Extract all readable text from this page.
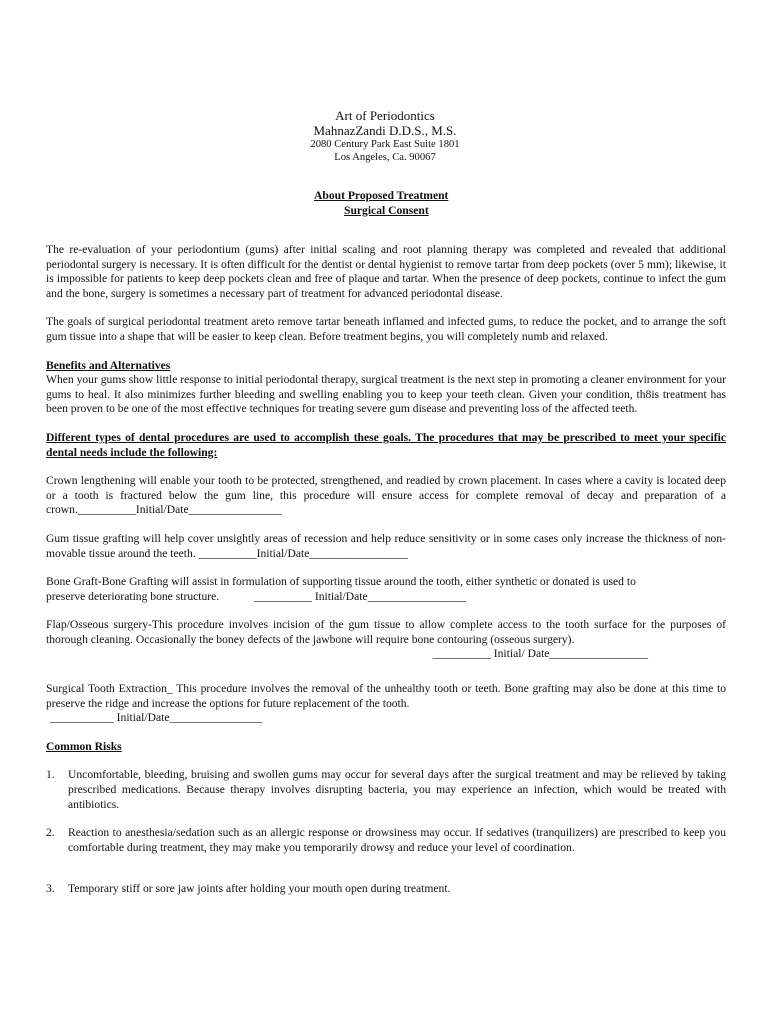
Art of Periodontics
MahnazZandi D.D.S., M.S.
2080 Century Park East Suite 1801
Los Angeles, Ca. 90067
About Proposed Treatment
Surgical Consent

The re-evaluation of your periodontium (gums) after initial scaling and root planning therapy was completed and revealed that additional periodontal surgery is necessary. It is often difficult for the dentist or dental hygienist to remove tartar from deep pockets (over 5 mm); likewise, it is impossible for patients to keep deep pockets clean and free of plaque and tartar. When the presence of deep pockets, continue to infect the gum and the bone, surgery is sometimes a necessary part of treatment for advanced periodontal disease.

The goals of surgical periodontal treatment areto remove tartar beneath inflamed and infected gums, to reduce the pocket, and to arrange the soft gum tissue into a shape that will be easier to keep clean. Before treatment begins, you will completely numb and relaxed.

Benefits and Alternatives

When your gums show little response to initial periodontal therapy, surgical treatment is the next step in promoting a cleaner environment for your gums to heal. It also minimizes further bleeding and swelling enabling you to keep your teeth clean. Given your condition, th8is treatment has been proven to be one of the most effective techniques for treating severe gum disease and preventing loss of the affected teeth.

Different types of dental procedures are used to accomplish these goals. The procedures that may be prescribed to meet your specific dental needs include the following:

Crown lengthening will enable your tooth to be protected, strengthened, and readied by crown placement. In cases where a cavity is located deep or a tooth is fractured below the gum line, this procedure will ensure access for complete removal of decay and preparation of a crown.__________Initial/Date________________

Gum tissue grafting will help cover unsightly areas of recession and help reduce sensitivity or in some cases only increase the thickness of non-movable tissue around the teeth. __________Initial/Date_________________

Bone Graft-Bone Grafting will assist in formulation of supporting tissue around the tooth, either synthetic or donated is used to

preserve deteriorating bone structure.            __________ Initial/Date_________________

Flap/Osseous surgery-This procedure involves incision of the gum tissue to allow complete access to the tooth surface for the purposes of thorough cleaning. Occasionally the boney defects of the jawbone will require bone contouring (osseous surgery).

__________ Initial/ Date_________________

Surgical Tooth Extraction_ This procedure involves the removal of the unhealthy tooth or teeth. Bone grafting may also be done at this time to preserve the ridge and increase the options for future replacement of the tooth.

___________ Initial/Date________________

Common Risks
1. Uncomfortable, bleeding, bruising and swollen gums may occur for several days after the surgical treatment and may be relieved by taking prescribed medications. Because therapy involves disrupting bacteria, you may experience an infection, which would be treated with antibiotics.
2. Reaction to anesthesia/sedation such as an allergic response or drowsiness may occur. If sedatives (tranquilizers) are prescribed to keep you comfortable during treatment, they may make you temporarily drowsy and reduce your level of coordination.
3. Temporary stiff or sore jaw joints after holding your mouth open during treatment.
